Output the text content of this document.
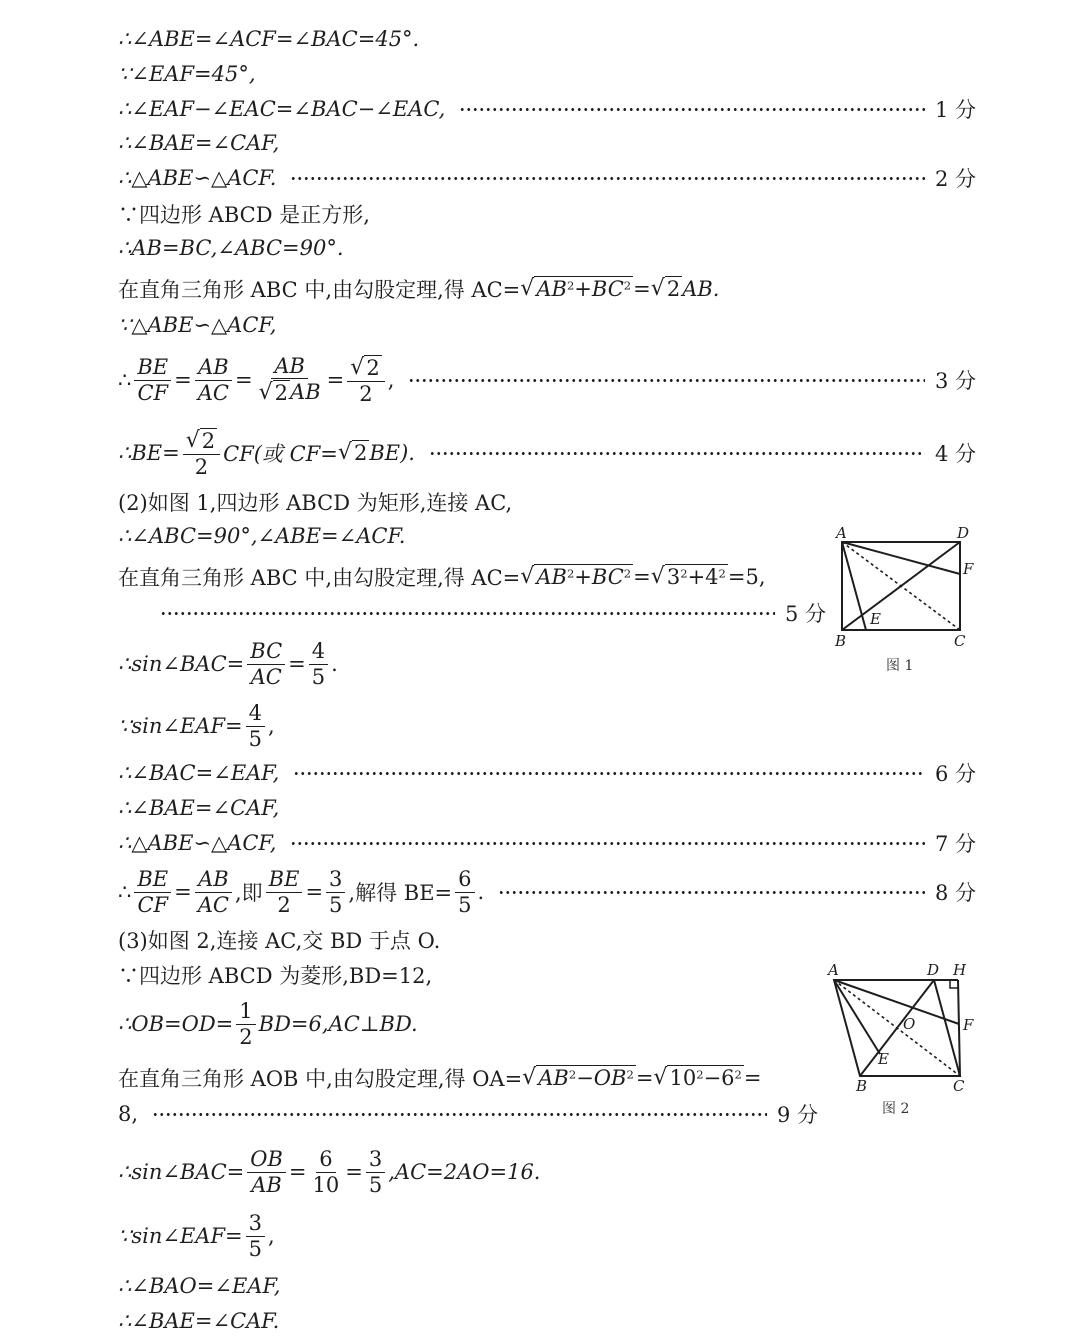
∴∠ABE=∠ACF=∠BAC=45°.
∵∠EAF=45°,
∴∠EAF−∠EAC=∠BAC−∠EAC,	1 分
∴∠BAE=∠CAF,
∴△ABE∽△ACF.	2 分
∵四边形 ABCD 是正方形,
∴AB=BC,∠ABC=90°.
在直角三角形 ABC 中,由勾股定理,得 AC= √ $AB^2+BC^2$ = √ 2 AB.
∵△ABE∽△ACF,
∴ $\frac{BE}{CF} = \frac{AB}{AC} = \frac{AB}{√ 2 AB} = \frac{√ 2}{2}$ ,	3 分
∴BE= $\frac{√ 2}{2} CF$(或 CF= √ 2 BE).	4 分
(2)如图 1,四边形 ABCD 为矩形,连接 AC,
∴∠ABC=90°,∠ABE=∠ACF.
在直角三角形 ABC 中,由勾股定理,得 AC= √ $AB^2+BC^2$ = √ $3^2+4^2 =5$,
5 分
∴sin∠BAC= $\frac{BC}{AC} = \frac{4}{5}$ .
∵sin∠EAF= $\frac{4}{5}$ ,
∴∠BAC=∠EAF,	6 分
∴∠BAE=∠CAF,
∴△ABE∽△ACF,	7 分
∴ $\frac{BE}{CF} = \frac{AB}{AC}$ ,即 $\frac{BE}{2} = \frac{3}{5}$ ,解得 $BE= \frac{6}{5}$ .	8 分
(3)如图 2,连接 AC,交 BD 于点 O.
∵四边形 ABCD 为菱形,BD=12,
∴OB=OD= $\frac{1}{2}$ BD=6,AC⊥BD.
在直角三角形 AOB 中,由勾股定理,得 OA= √ $AB^2-OB^2$ = √ $10^2-6^2$ =
8,	9 分
∴sin∠BAC= $\frac{OB}{AB} = \frac{6}{10} = \frac{3}{5} ,AC=2AO=16$.
∵sin∠EAF= $\frac{3}{5}$ ,
∴∠BAO=∠EAF,
∴∠BAE=∠CAF.
A	D
F
E
B	C
图 1
A	D H
O	F
E
B	C
图 2
